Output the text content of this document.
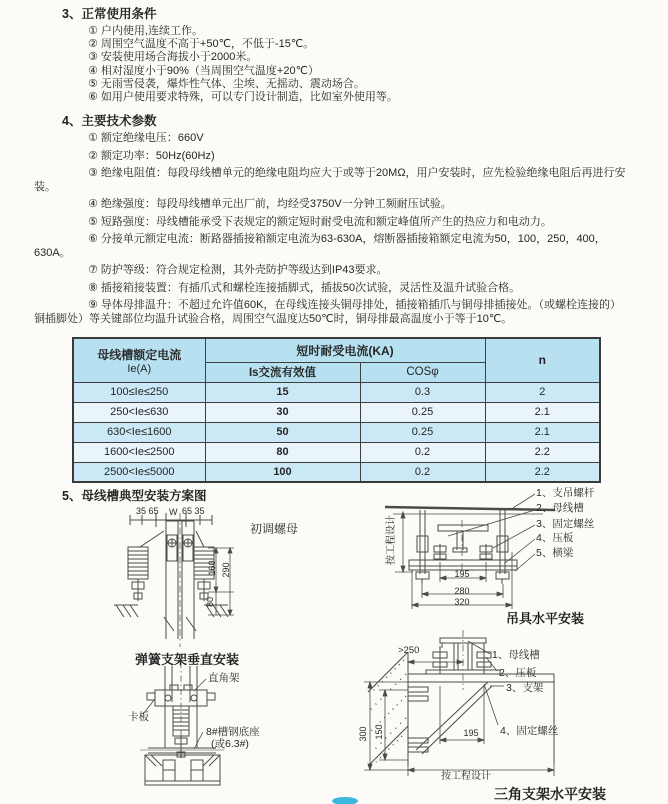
3、正常使用条件

① 户内使用,连续工作。

② 周围空气温度不高于+50℃，不低于-15℃。

③ 安装使用场合海拔小于2000米。

④ 相对湿度小于90%（当周围空气温度+20℃）

⑤ 无雨雪侵袭，爆炸性气体、尘埃、无摇动、震动场合。

⑥ 如用户使用要求特殊，可以专门设计制造，比如室外使用等。

4、主要技术参数

① 额定绝缘电压：660V

② 额定功率：50Hz(60Hz)

③ 绝缘电阻值：每段母线槽单元的绝缘电阻均应大于或等于20MΩ，用户安装时，应先检验绝缘电阻后再进行安装。

④ 绝缘强度：每段母线槽单元出厂前，均经受3750V一分钟工频耐压试验。

⑤ 短路强度：母线槽能承受下表规定的额定短时耐受电流和额定峰值所产生的热应力和电动力。

⑥ 分接单元额定电流：断路器插接箱额定电流为63-630A，熔断器插接箱额定电流为50，100，250，400，630A。

⑦ 防护等级：符合规定检测，其外壳防护等级达到IP43要求。

⑧ 插接箱接装置：有插爪式和螺栓连接插脚式，插拔50次试验，灵活性及温升试验合格。

⑨ 导体母排温升：不超过允许值60K，在母线连接头铜母排处，插接箱插爪与铜母排插接处。（或螺栓连接的）铜插脚处）等关键部位均温升试验合格，周围空气温度达50℃时，铜母排最高温度小于等于10℃。

母线槽额定电流
Ie(A)	短时耐受电流(KA)		n
	Is交流有效值	COSφ	
100≤Ie≤250	15	0.3	2
250<Ie≤630	30	0.25	2.1
630<Ie≤1600	50	0.25	2.1
1600<Ie≤2500	80	0.2	2.2
2500<Ie≤5000	100	0.2	2.2
5、母线槽典型安装方案图
35 65 W 65 35
160 290
80
初调螺母
弹簧支架垂直安装
直角架
卡板
8#槽钢底座
(或6.3#)
1、支吊螺杆
2、母线槽
3、固定螺丝
4、压板
5、横梁
195
280
320
按工程设计
吊具水平安装
>250
300 150	195
按工程设计
1、母线槽
2、压板
3、支架
4、固定螺丝
三角支架水平安装
